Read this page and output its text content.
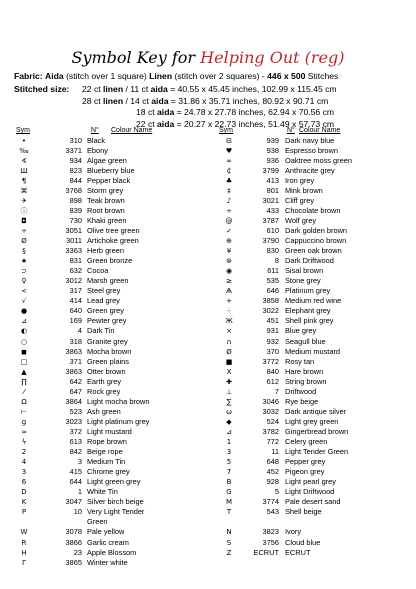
Symbol Key for Helping Out (reg)
Fabric: Aida (stitch over 1 square) Linen (stitch over 2 squares) - 446 x 500 Stitches
Stitched size: 22 ct linen / 11 ct aida = 40.55 x 45.45 inches, 102.99 x 115.45 cm
28 ct linen / 14 ct aida = 31.86 x 35.71 inches, 80.92 x 90.71 cm
18 ct aida = 24.78 x 27.78 inches, 62.94 x 70.56 cm
22 ct aida = 20.27 x 22.73 inches, 51.49 x 57.73 cm
Sym	N° Colour Name	Sym	N° Colour Name
•	310 Black
‰	3371 Ebony
∢	934 Algae green
Ш	823 Blueberry blue
¶	844 Pepper black
⌘	3768 Storm grey
✈	898 Teak brown
ⓘ	839 Root brown
◘	730 Khaki green
÷	3051 Olive tree green
Ø	3011 Artichoke green
§	3363 Herb green
★	831 Green bronze
⊃	632 Cocoa
♀	3012 Marsh green
<	317 Steel grey
√	414 Lead grey
●	640 Green grey
⊿	169 Pewter grey
◐	4 Dark Tin
○	318 Granite grey
◼	3863 Mocha brown
□	371 Green plains
▲	3863 Otter brown
∏	642 Earth grey
⁄	647 Rock grey
Ω	3864 Light mocha brown
⊢	523 Ash green
g	3023 Light platinum grey
≈	372 Light mustard
ϟ	613 Rope brown
2	842 Beige rope
4	3 Medium Tin
3	415 Chrome grey
6	644 Light green grey
D	1 White Tin
K	3047 Silver birch beige
P	10 Very Light Tender
Green
W	3078 Pale yellow
R	3866 Garlic cream
H	23 Apple Blossom
Γ	3865 Winter white
⊟	939 Dark navy blue
♥	938 Espresso brown
∞	936 Oaktree moss green
₵	3799 Anthracite grey
♣	413 Iron grey
‡	801 Mink brown
♪	3021 Cliff grey
÷	433 Chocolate brown
@	3787 Wolf grey
✓	610 Dark golden brown
⊕	3790 Cappuccino brown
¥	830 Green oak brown
⊛	8 Dark Driftwood
◉	611 Sisal brown
≥	535 Stone grey
Ѧ	646 Platinum grey
+	3858 Medium red wine
⁘	3022 Elephant grey
Ж	451 Shell pink grey
×	931 Blue grey
∩	932 Seagull blue
Ø	370 Medium mustard
■	3772 Rosy tan
Ⅹ	840 Hare brown
✚	612 String brown
⊥	7 Driftwood
∑	3046 Rye beige
ω	3032 Dark antique silver
◆	524 Light grey green
⊿	3782 Gingerbread brown
1	772 Celery green
3	11 Light Tender Green
5	648 Pepper grey
7	452 Pigeon grey
B	928 Light pearl grey
G	5 Light Driftwood
M	3774 Pale desert sand
T	543 Shell beige
N	3823 Ivory
S	3756 Cloud blue
Z	ECRUT ECRUT
